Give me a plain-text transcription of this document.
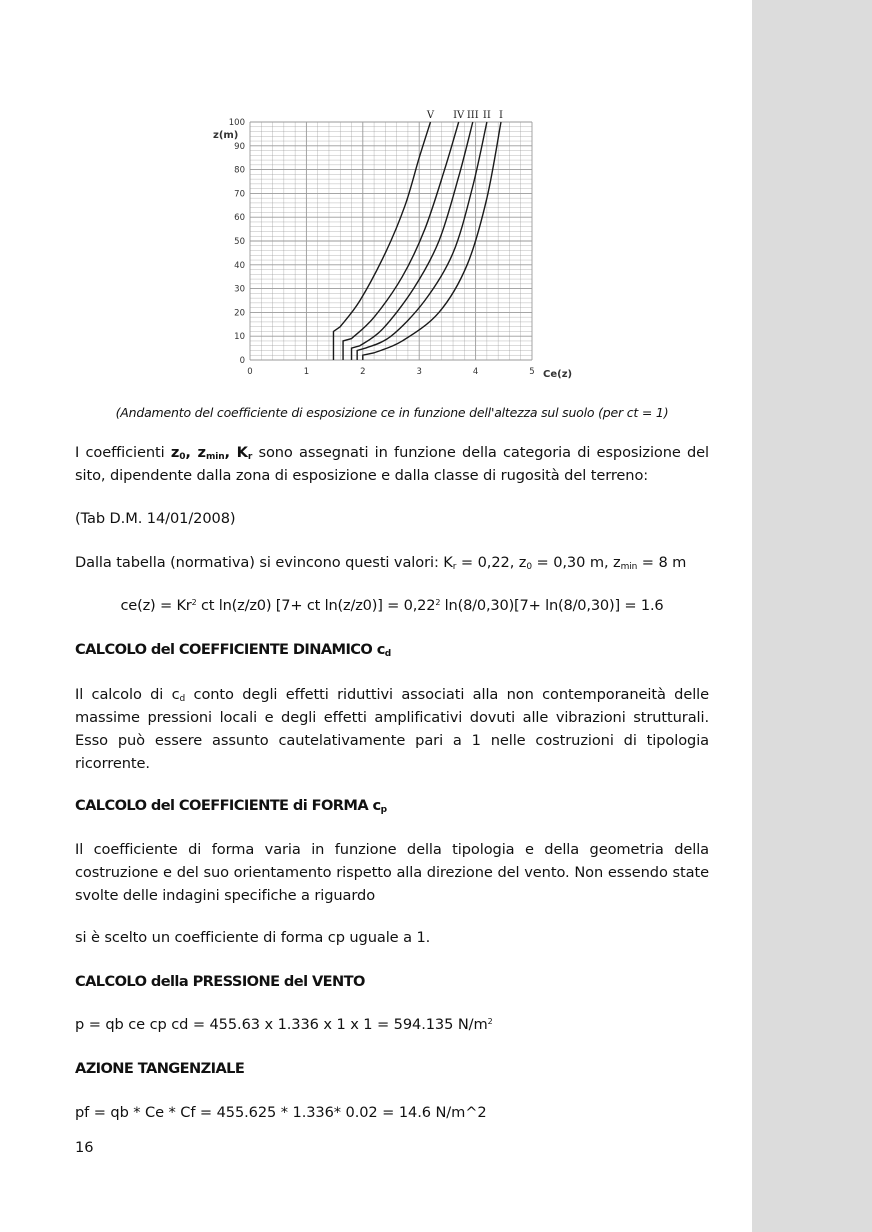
0
10
20
30
40
50
60
70
80
90
100
0	1	2	3	4	5
V IV III II I
z(m)
Ce(z)
(Andamento del coefficiente di esposizione ce in funzione dell'altezza sul suolo (per ct = 1)
I coefficienti $z_0$, $z_{min}$, $K_r$ sono assegnati in funzione della categoria di esposizione del sito, dipendente dalla zona di esposizione e dalla classe di rugosità del terreno:
(Tab D.M. 14/01/2008)
Dalla tabella (normativa) si evincono questi valori: $K_r = 0,22$, $z_0 = 0,30$ m, $z_{min} = 8$ m
$ce(z) = Kr^2$ ct ln(z/z0) [7+ ct $\ln(z/z0)] = 0,22^2$ ln(8/0,30)[7+ ln(8/0,30)] = 1.6
CALCOLO del COEFFICIENTE DINAMICO $c_d$
Il calcolo di $c_d$ conto degli effetti riduttivi associati alla non contemporaneità delle massime pressioni locali e degli effetti amplificativi dovuti alle vibrazioni strutturali. Esso può essere assunto cautelativamente pari a 1 nelle costruzioni di tipologia ricorrente.
CALCOLO del COEFFICIENTE di FORMA $c_p$
Il coefficiente di forma varia in funzione della tipologia e della geometria della costruzione e del suo orientamento rispetto alla direzione del vento. Non essendo state svolte delle indagini specifiche a riguardo
si è scelto un coefficiente di forma cp uguale a 1.
CALCOLO della PRESSIONE del VENTO
p = qb ce cp cd = 455.63 x 1.336 x 1 x 1 = 594.135 $N/m^2$
AZIONE TANGENZIALE
pf = qb * Ce * Cf = 455.625 * 1.336* 0.02 = 14.6 N/m^2
16
